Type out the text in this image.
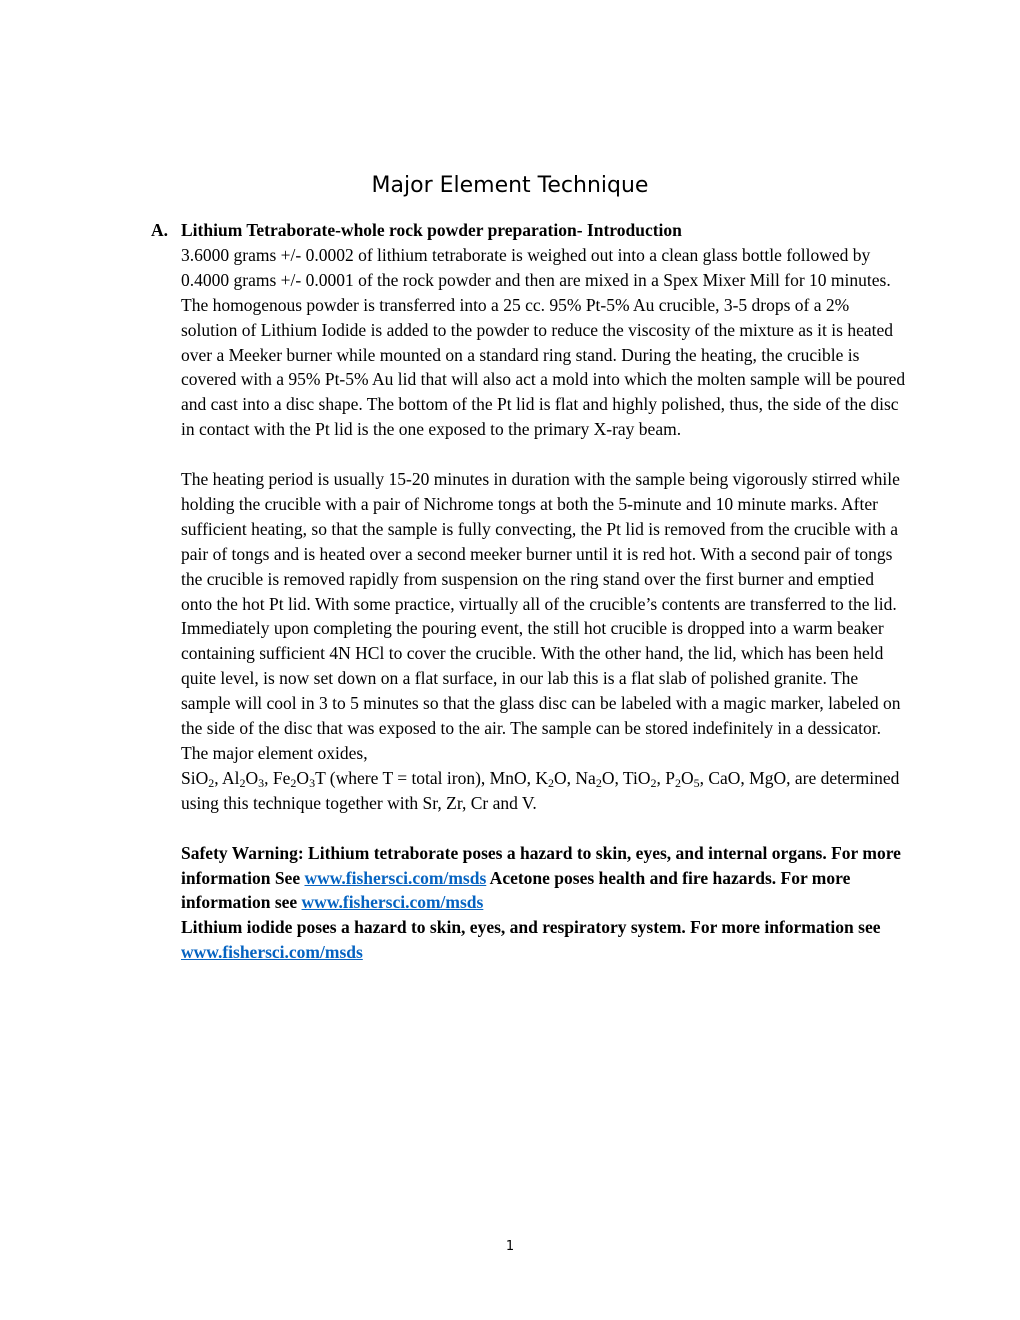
Major Element Technique

A. Lithium Tetraborate-whole rock powder preparation- Introduction

3.6000 grams +/- 0.0002 of lithium tetraborate is weighed out into a clean glass bottle followed by 0.4000 grams +/- 0.0001 of the rock powder and then are mixed in a Spex Mixer Mill for 10 minutes. The homogenous powder is transferred into a 25 cc. 95% Pt-5% Au crucible, 3-5 drops of a 2% solution of Lithium Iodide is added to the powder to reduce the viscosity of the mixture as it is heated over a Meeker burner while mounted on a standard ring stand. During the heating, the crucible is covered with a 95% Pt-5% Au lid that will also act a mold into which the molten sample will be poured and cast into a disc shape. The bottom of the Pt lid is flat and highly polished, thus, the side of the disc in contact with the Pt lid is the one exposed to the primary X-ray beam.

The heating period is usually 15-20 minutes in duration with the sample being vigorously stirred while holding the crucible with a pair of Nichrome tongs at both the 5-minute and 10 minute marks. After sufficient heating, so that the sample is fully convecting, the Pt lid is removed from the crucible with a pair of tongs and is heated over a second meeker burner until it is red hot. With a second pair of tongs the crucible is removed rapidly from suspension on the ring stand over the first burner and emptied onto the hot Pt lid. With some practice, virtually all of the crucible’s contents are transferred to the lid. Immediately upon completing the pouring event, the still hot crucible is dropped into a warm beaker containing sufficient 4N HCl to cover the crucible. With the other hand, the lid, which has been held quite level, is now set down on a flat surface, in our lab this is a flat slab of polished granite. The sample will cool in 3 to 5 minutes so that the glass disc can be labeled with a magic marker, labeled on the side of the disc that was exposed to the air. The sample can be stored indefinitely in a dessicator. The major element oxides,
SiO$_2$, $Al_2O_3$, $Fe_2O_3T$ (where T = total iron), MnO, $K_2O$, $Na_2O$, TiO$_2$, $P_2O_5$, CaO, MgO, are determined using this technique together with Sr, Zr, Cr and V.

Safety Warning: Lithium tetraborate poses a hazard to skin, eyes, and internal organs. For more information See www.fishersci.com/msds Acetone poses health and fire hazards. For more information see www.fishersci.com/msds
Lithium iodide poses a hazard to skin, eyes, and respiratory system. For more information see www.fishersci.com/msds

1
